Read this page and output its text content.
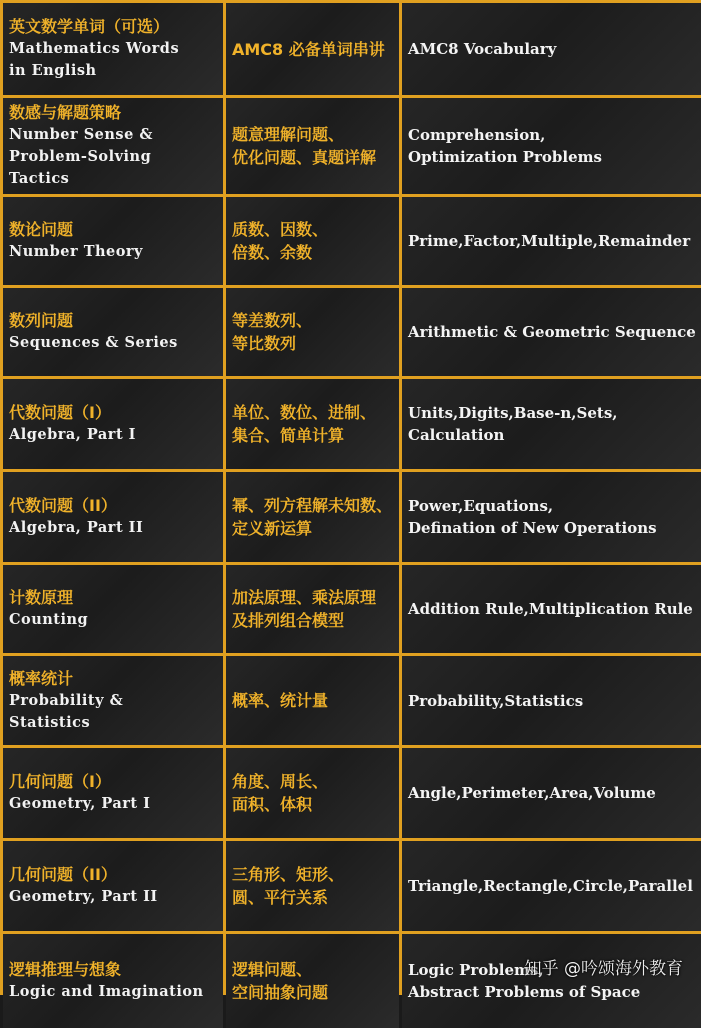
英文数学单词（可选）
Mathematics Words
in English
AMC8 必备单词串讲	AMC8 Vocabulary
数感与解题策略
Number Sense &
Problem-Solving
Tactics
题意理解问题、
优化问题、真题详解
Comprehension,
Optimization Problems
数论问题
Number Theory
质数、因数、
倍数、余数
Prime,Factor,Multiple,Remainder
数列问题
Sequences & Series
等差数列、
等比数列
Arithmetic & Geometric Sequence
代数问题（I）
Algebra, Part I
单位、数位、进制、
集合、简单计算
Units,Digits,Base-n,Sets,
Calculation
代数问题（II）
Algebra, Part II
幂、列方程解未知数、
定义新运算
Power,Equations,
Defination of New Operations
计数原理
Counting
加法原理、乘法原理
及排列组合模型
Addition Rule,Multiplication Rule
概率统计
Probability &
Statistics
概率、统计量	Probability,Statistics
几何问题（I）
Geometry, Part I
角度、周长、
面积、体积
Angle,Perimeter,Area,Volume
几何问题（II）
Geometry, Part II
三角形、矩形、
圆、平行关系
Triangle,Rectangle,Circle,Parallel
逻辑推理与想象
Logic and Imagination
逻辑问题、
空间抽象问题
Logic Problems,
Abstract Problems of Space
知乎 @吟颂海外教育
